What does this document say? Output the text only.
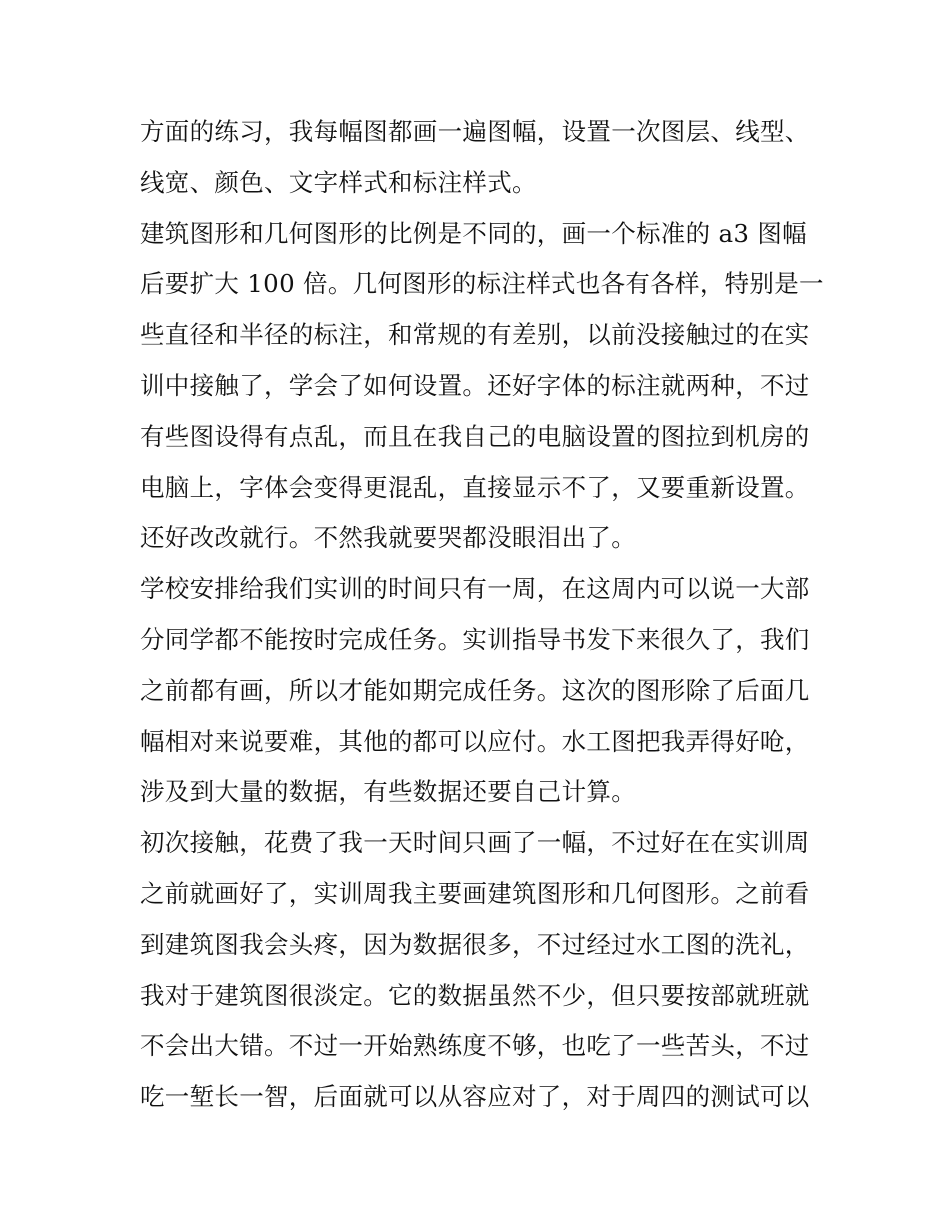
方面的练习，我每幅图都画一遍图幅，设置一次图层、线型、
线宽、颜色、文字样式和标注样式。
建筑图形和几何图形的比例是不同的，画一个标准的 a3 图幅
后要扩大 100 倍。几何图形的标注样式也各有各样，特别是一
些直径和半径的标注，和常规的有差别，以前没接触过的在实
训中接触了，学会了如何设置。还好字体的标注就两种，不过
有些图设得有点乱，而且在我自己的电脑设置的图拉到机房的
电脑上，字体会变得更混乱，直接显示不了，又要重新设置。
还好改改就行。不然我就要哭都没眼泪出了。
学校安排给我们实训的时间只有一周，在这周内可以说一大部
分同学都不能按时完成任务。实训指导书发下来很久了，我们
之前都有画，所以才能如期完成任务。这次的图形除了后面几
幅相对来说要难，其他的都可以应付。水工图把我弄得好呛，
涉及到大量的数据，有些数据还要自己计算。
初次接触，花费了我一天时间只画了一幅，不过好在在实训周
之前就画好了，实训周我主要画建筑图形和几何图形。之前看
到建筑图我会头疼，因为数据很多，不过经过水工图的洗礼，
我对于建筑图很淡定。它的数据虽然不少，但只要按部就班就
不会出大错。不过一开始熟练度不够，也吃了一些苦头，不过
吃一堑长一智，后面就可以从容应对了，对于周四的测试可以
